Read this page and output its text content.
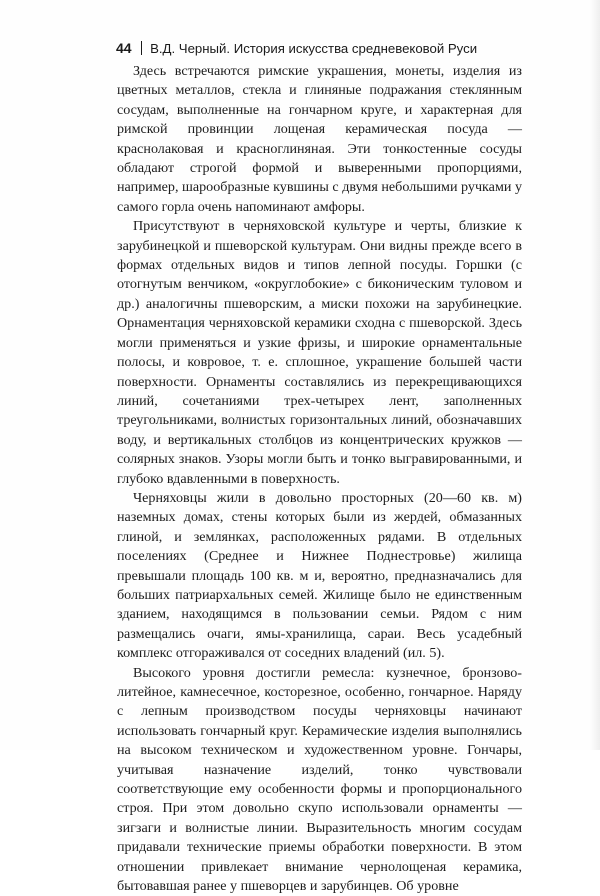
44 В.Д. Черный. История искусства средневековой Руси

Здесь встречаются римские украшения, монеты, изделия из цветных металлов, стекла и глиняные подражания стеклянным сосудам, выполненные на гончарном круге, и характерная для римской провинции лощеная керамическая посуда — краснолаковая и красноглиняная. Эти тонкостенные сосуды обладают строгой формой и выверенными пропорциями, например, шарообразные кувшины с двумя небольшими ручками у самого горла очень напоминают амфоры.

Присутствуют в черняховской культуре и черты, близкие к зарубинецкой и пшеворской культурам. Они видны прежде всего в формах отдельных видов и типов лепной посуды. Горшки (с отогнутым венчиком, «округлобокие» с биконическим туловом и др.) аналогичны пшеворским, а миски похожи на зарубинецкие. Орнаментация черняховской керамики сходна с пшеворской. Здесь могли применяться и узкие фризы, и широкие орнаментальные полосы, и ковровое, т. е. сплошное, украшение большей части поверхности. Орнаменты составлялись из перекрещивающихся линий, сочетаниями трех-четырех лент, заполненных треугольниками, волнистых горизонтальных линий, обозначавших воду, и вертикальных столбцов из концентрических кружков — солярных знаков. Узоры могли быть и тонко выгравированными, и глубоко вдавленными в поверхность.

Черняховцы жили в довольно просторных (20—60 кв. м) наземных домах, стены которых были из жердей, обмазанных глиной, и землянках, расположенных рядами. В отдельных поселениях (Среднее и Нижнее Поднестровье) жилища превышали площадь 100 кв. м и, вероятно, предназначались для больших патриархальных семей. Жилище было не единственным зданием, находящимся в пользовании семьи. Рядом с ним размещались очаги, ямы-хранилища, сараи. Весь усадебный комплекс отгораживался от соседних владений (ил. 5).

Высокого уровня достигли ремесла: кузнечное, бронзово-литейное, камнесечное, косторезное, особенно, гончарное. Наряду с лепным производством посуды черняховцы начинают использовать гончарный круг. Керамические изделия выполнялись на высоком техническом и художественном уровне. Гончары, учитывая назначение изделий, тонко чувствовали соответствующие ему особенности формы и пропорционального строя. При этом довольно скупо использовали орнаменты — зигзаги и волнистые линии. Выразительность многим сосудам придавали технические приемы обработки поверхности. В этом отношении привлекает внимание чернолощеная керамика, бытовавшая ранее у пшеворцев и зарубинцев. Об уровне
